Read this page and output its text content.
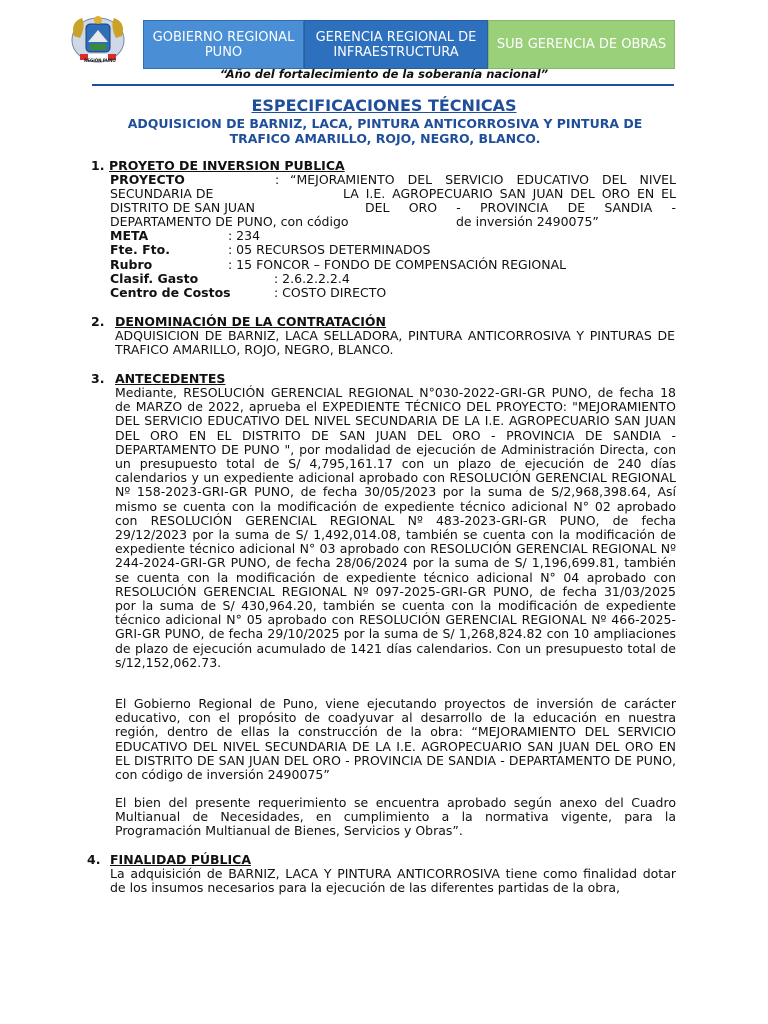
REGIÓN PUNO
GOBIERNO REGIONAL PUNO
GERENCIA REGIONAL DE INFRAESTRUCTURA	SUB GERENCIA DE OBRAS
“Año del fortalecimiento de la soberanía nacional”
ESPECIFICACIONES TÉCNICAS
ADQUISICION DE BARNIZ, LACA, PINTURA ANTICORROSIVA Y PINTURA DE TRAFICO AMARILLO, ROJO, NEGRO, BLANCO.
1. PROYETO DE INVERSION PUBLICA
PROYECTO	: “MEJORAMIENTO DEL SERVICIO EDUCATIVO DEL NIVEL
SECUNDARIA DE	LA I.E. AGROPECUARIO SAN JUAN DEL ORO EN EL
DISTRITO DE SAN JUAN	DEL ORO - PROVINCIA DE SANDIA -
DEPARTAMENTO DE PUNO, con código	de inversión 2490075”
META	: 234
Fte. Fto.	: 05 RECURSOS DETERMINADOS
Rubro	: 15 FONCOR – FONDO DE COMPENSACIÓN REGIONAL
Clasif. Gasto	: 2.6.2.2.2.4
Centro de Costos	: COSTO DIRECTO
2. DENOMINACIÓN DE LA CONTRATACIÓN
ADQUISICION DE BARNIZ, LACA SELLADORA, PINTURA ANTICORROSIVA Y PINTURAS DE TRAFICO AMARILLO, ROJO, NEGRO, BLANCO.
3. ANTECEDENTES
Mediante, RESOLUCIÓN GERENCIAL REGIONAL N°030-2022-GRI-GR PUNO, de fecha 18 de MARZO de 2022, aprueba el EXPEDIENTE TÉCNICO DEL PROYECTO: "MEJORAMIENTO DEL SERVICIO EDUCATIVO DEL NIVEL SECUNDARIA DE LA I.E. AGROPECUARIO SAN JUAN DEL ORO EN EL DISTRITO DE SAN JUAN DEL ORO - PROVINCIA DE SANDIA - DEPARTAMENTO DE PUNO ", por modalidad de ejecución de Administración Directa, con un presupuesto total de S/ 4,795,161.17 con un plazo de ejecución de 240 días calendarios y un expediente adicional aprobado con RESOLUCIÓN GERENCIAL REGIONAL Nº 158-2023-GRI-GR PUNO, de fecha 30/05/2023 por la suma de S/2,968,398.64, Así mismo se cuenta con la modificación de expediente técnico adicional N° 02 aprobado con RESOLUCIÓN GERENCIAL REGIONAL Nº 483-2023-GRI-GR PUNO, de fecha 29/12/2023 por la suma de S/ 1,492,014.08, también se cuenta con la modificación de expediente técnico adicional N° 03 aprobado con RESOLUCIÓN GERENCIAL REGIONAL Nº 244-2024-GRI-GR PUNO, de fecha 28/06/2024 por la suma de S/ 1,196,699.81, también se cuenta con la modificación de expediente técnico adicional N° 04 aprobado con RESOLUCIÓN GERENCIAL REGIONAL Nº 097-2025-GRI-GR PUNO, de fecha 31/03/2025 por la suma de S/ 430,964.20, también se cuenta con la modificación de expediente técnico adicional N° 05 aprobado con RESOLUCIÓN GERENCIAL REGIONAL Nº 466-2025-GRI-GR PUNO, de fecha 29/10/2025 por la suma de S/ 1,268,824.82 con 10 ampliaciones de plazo de ejecución acumulado de 1421 días calendarios. Con un presupuesto total de s/12,152,062.73.
El Gobierno Regional de Puno, viene ejecutando proyectos de inversión de carácter educativo, con el propósito de coadyuvar al desarrollo de la educación en nuestra región, dentro de ellas la construcción de la obra: “MEJORAMIENTO DEL SERVICIO EDUCATIVO DEL NIVEL SECUNDARIA DE LA I.E. AGROPECUARIO SAN JUAN DEL ORO EN EL DISTRITO DE SAN JUAN DEL ORO - PROVINCIA DE SANDIA - DEPARTAMENTO DE PUNO, con código de inversión 2490075”
El bien del presente requerimiento se encuentra aprobado según anexo del Cuadro Multianual de Necesidades, en cumplimiento a la normativa vigente, para la Programación Multianual de Bienes, Servicios y Obras”.
4. FINALIDAD PÚBLICA
La adquisición de BARNIZ, LACA Y PINTURA ANTICORROSIVA tiene como finalidad dotar de los insumos necesarios para la ejecución de las diferentes partidas de la obra,
